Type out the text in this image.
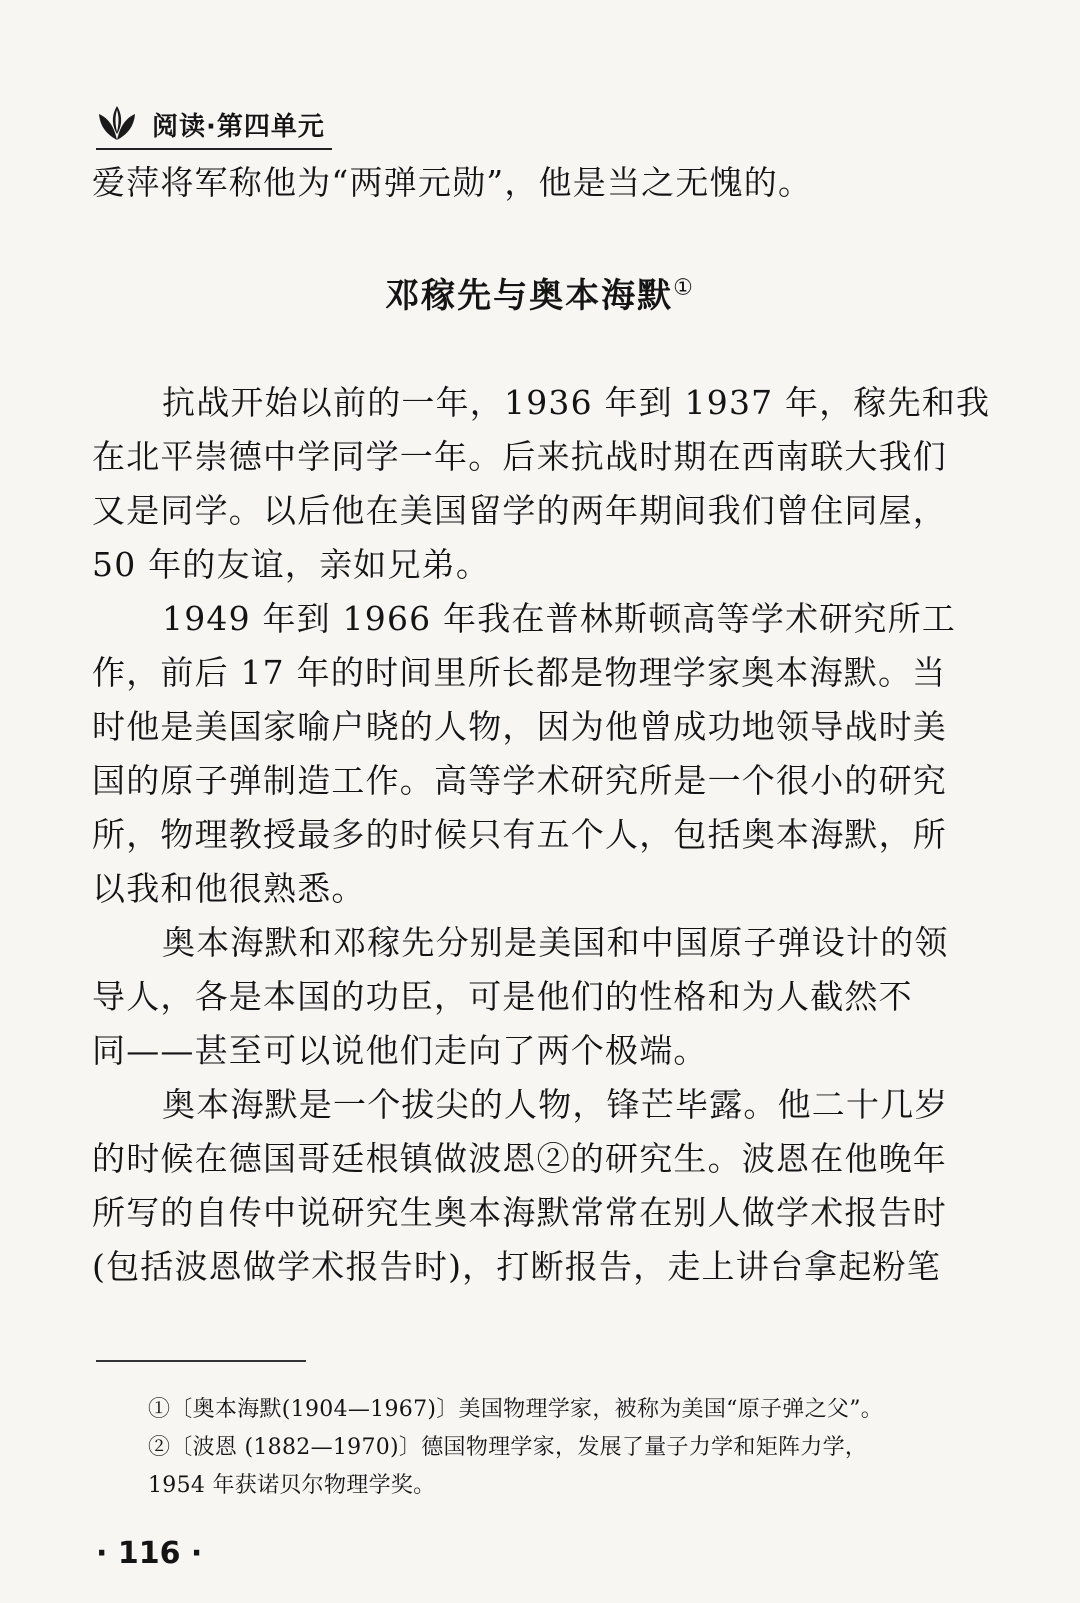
阅读·第四单元
爱萍将军称他为“两弹元勋”，他是当之无愧的。
邓稼先与奥本海默①
抗战开始以前的一年，1936 年到 1937 年，稼先和我
在北平崇德中学同学一年。后来抗战时期在西南联大我们
又是同学。以后他在美国留学的两年期间我们曾住同屋，
50 年的友谊，亲如兄弟。
1949 年到 1966 年我在普林斯顿高等学术研究所工
作，前后 17 年的时间里所长都是物理学家奥本海默。当
时他是美国家喻户晓的人物，因为他曾成功地领导战时美
国的原子弹制造工作。高等学术研究所是一个很小的研究
所，物理教授最多的时候只有五个人，包括奥本海默，所
以我和他很熟悉。
奥本海默和邓稼先分别是美国和中国原子弹设计的领
导人，各是本国的功臣，可是他们的性格和为人截然不
同——甚至可以说他们走向了两个极端。
奥本海默是一个拔尖的人物，锋芒毕露。他二十几岁
的时候在德国哥廷根镇做波恩②的研究生。波恩在他晚年
所写的自传中说研究生奥本海默常常在别人做学术报告时
(包括波恩做学术报告时)，打断报告，走上讲台拿起粉笔
①〔奥本海默(1904—1967)〕美国物理学家，被称为美国“原子弹之父”。
②〔波恩 (1882—1970)〕德国物理学家，发展了量子力学和矩阵力学，
1954 年获诺贝尔物理学奖。
· 116 ·
